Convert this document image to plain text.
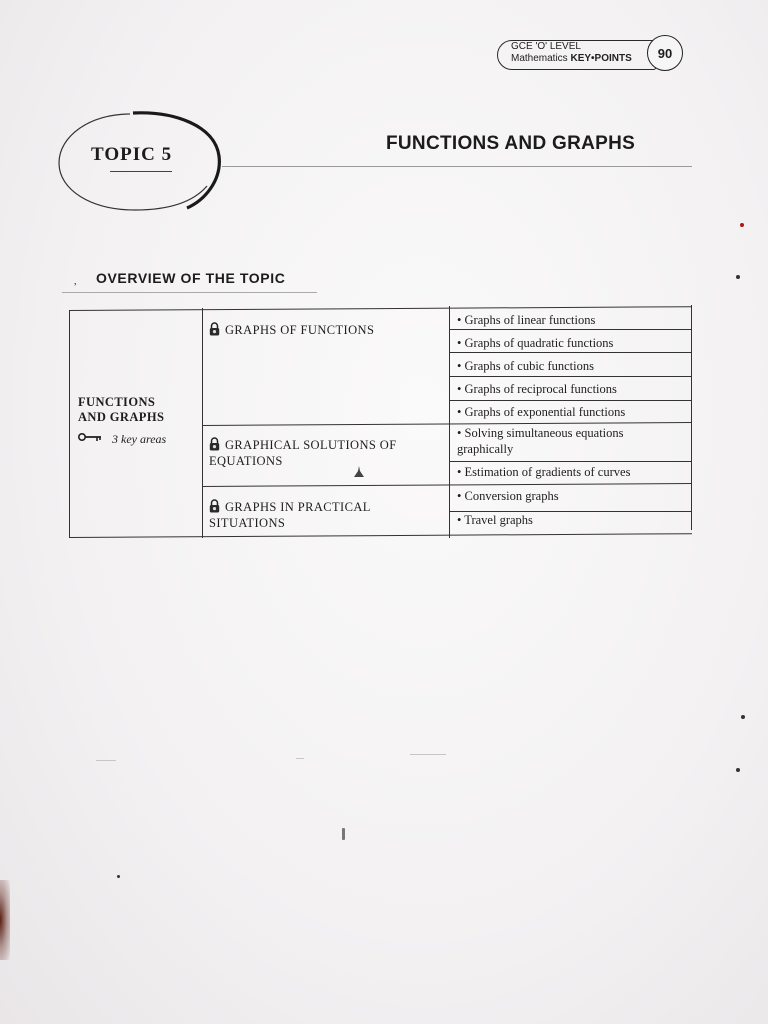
GCE 'O' LEVEL
Mathematics KEY•POINTS	90
TOPIC 5
FUNCTIONS AND GRAPHS
, OVERVIEW OF THE TOPIC
FUNCTIONS
AND GRAPHS
3 key areas
GRAPHS OF FUNCTIONS
• Graphs of linear functions
• Graphs of quadratic functions
• Graphs of cubic functions
• Graphs of reciprocal functions
• Graphs of exponential functions
GRAPHICAL SOLUTIONS OF
EQUATIONS
• Solving simultaneous equations
graphically
• Estimation of gradients of curves
GRAPHS IN PRACTICAL
SITUATIONS
• Conversion graphs
• Travel graphs
